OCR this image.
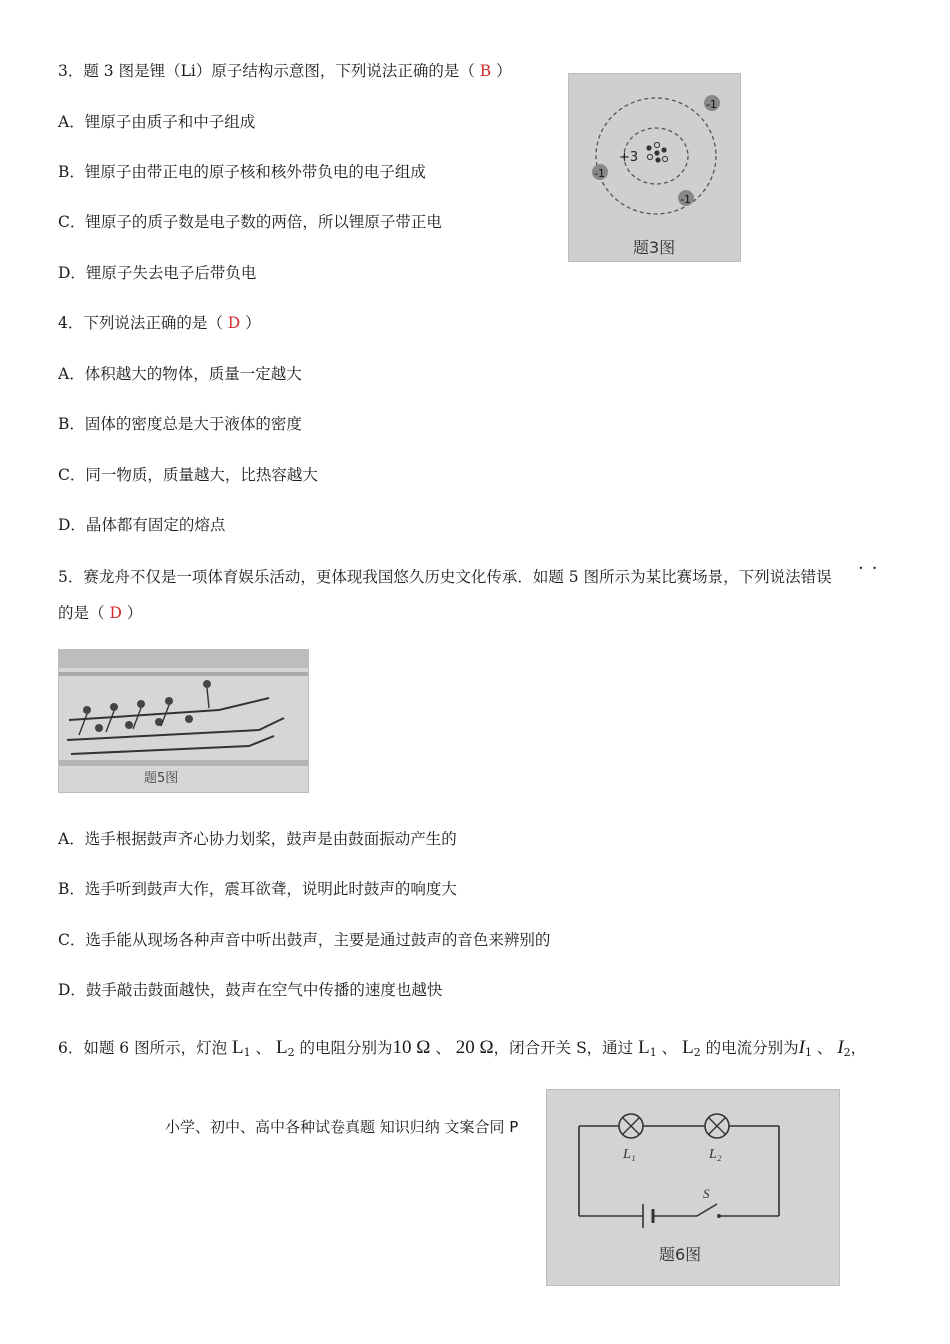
3．题 3 图是锂（Li）原子结构示意图，下列说法正确的是（ B ）
A．锂原子由质子和中子组成
B．锂原子由带正电的原子核和核外带负电的电子组成
C．锂原子的质子数是电子数的两倍，所以锂原子带正电
D．锂原子失去电子后带负电
+3
-1
-1
-1
题3图
4．下列说法正确的是（ D ）
A．体积越大的物体，质量一定越大
B．固体的密度总是大于液体的密度
C．同一物质，质量越大，比热容越大
D．晶体都有固定的熔点
··
5．赛龙舟不仅是一项体育娱乐活动，更体现我国悠久历史文化传承．如题 5 图所示为某比赛场景，下列说法错误
的是（ D ）
题5图
A．选手根据鼓声齐心协力划桨，鼓声是由鼓面振动产生的
B．选手听到鼓声大作，震耳欲聋，说明此时鼓声的响度大
C．选手能从现场各种声音中听出鼓声，主要是通过鼓声的音色来辨别的
D．鼓手敲击鼓面越快，鼓声在空气中传播的速度也越快
6．如题 6 图所示，灯泡 $L_1$ 、 $L_2$ 的电阻分别为10 Ω 、 20 Ω，闭合开关 S，通过 $L_1$ 、 $L_2$ 的电流分别为$I_1$ 、 $I_2$，
小学、初中、高中各种试卷真题 知识归纳 文案合同 P
L₁	L₂
S
题6图
